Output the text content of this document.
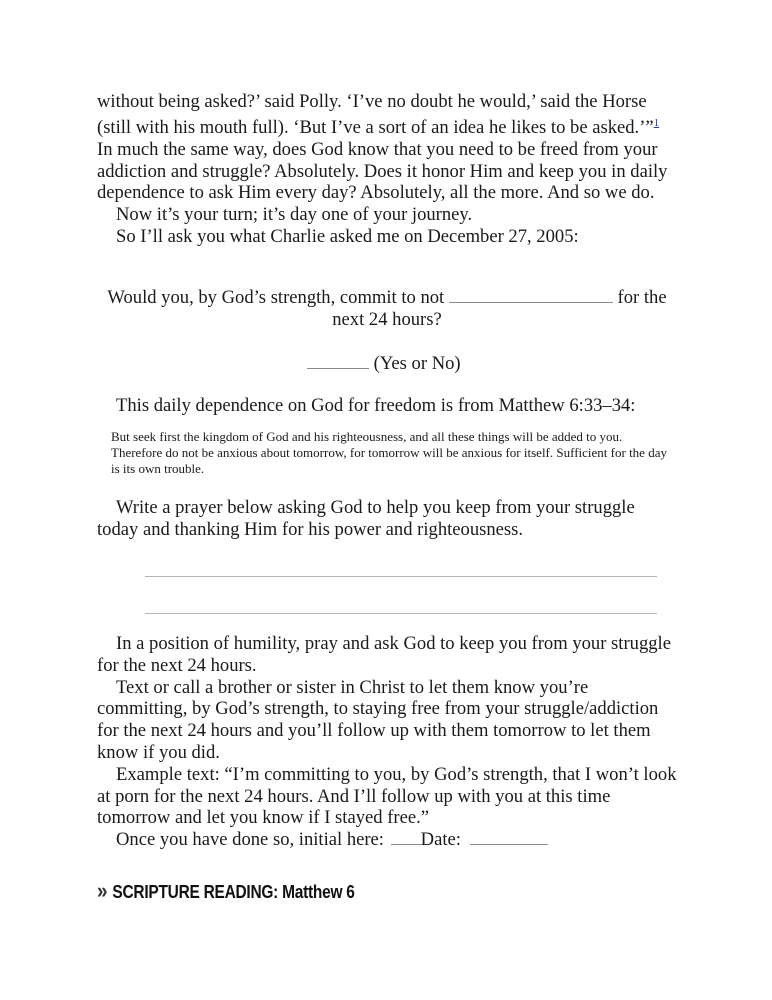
without being asked?’ said Polly. ‘I’ve no doubt he would,’ said the Horse
(still with his mouth full). ‘But I’ve a sort of an idea he likes to be asked.’”$^1$
In much the same way, does God know that you need to be freed from your addiction and struggle? Absolutely. Does it honor Him and keep you in daily dependence to ask Him every day? Absolutely, all the more. And so we do.
Now it’s your turn; it’s day one of your journey.
So I’ll ask you what Charlie asked me on December 27, 2005:
Would you, by God’s strength, commit to not	for the
next 24 hours?
(Yes or No)
This daily dependence on God for freedom is from Matthew 6:33–34:
But seek first the kingdom of God and his righteousness, and all these things will be added to you. Therefore do not be anxious about tomorrow, for tomorrow will be anxious for itself. Sufficient for the day is its own trouble.
Write a prayer below asking God to help you keep from your struggle today and thanking Him for his power and righteousness.
In a position of humility, pray and ask God to keep you from your struggle for the next 24 hours.
Text or call a brother or sister in Christ to let them know you’re committing, by God’s strength, to staying free from your struggle/addiction for the next 24 hours and you’ll follow up with them tomorrow to let them know if you did.
Example text: “I’m committing to you, by God’s strength, that I won’t look at porn for the next 24 hours. And I’ll follow up with you at this time tomorrow and let you know if I stayed free.”
Once you have done so, initial here: Date:
» SCRIPTURE READING: Matthew 6
